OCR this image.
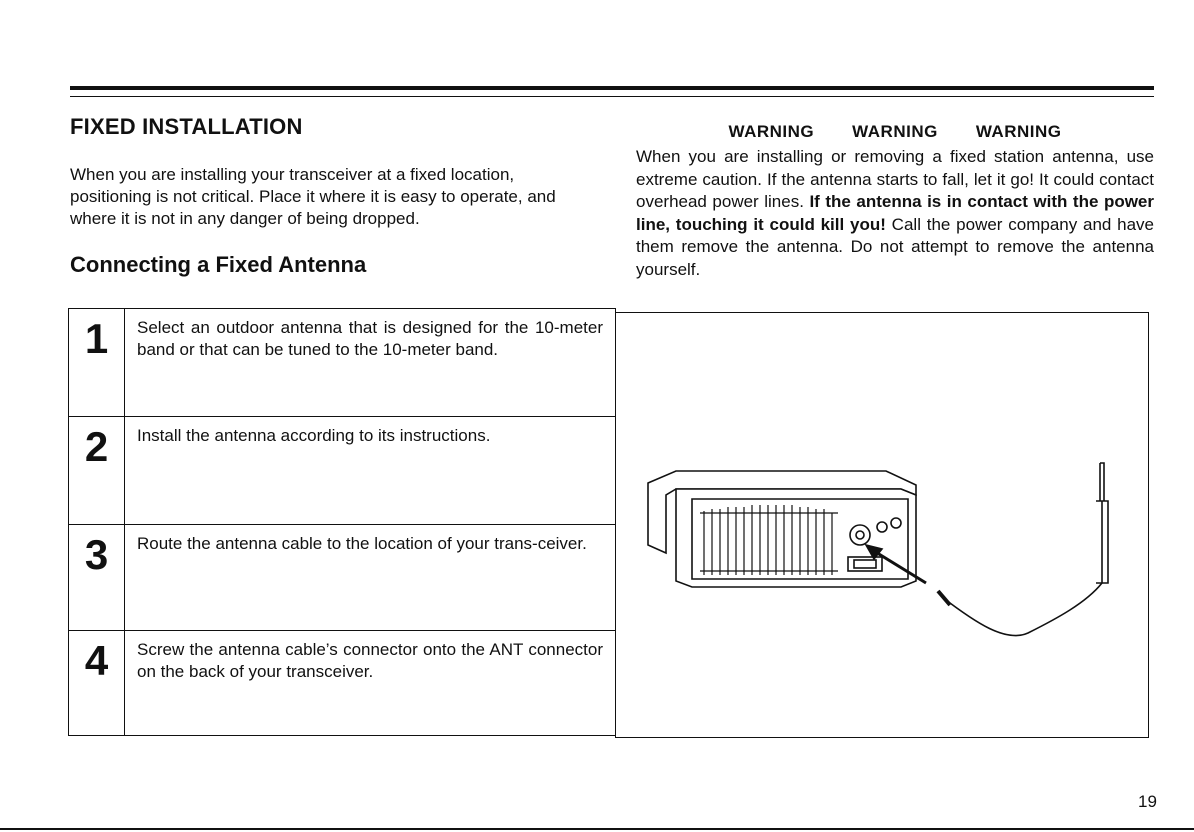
FIXED INSTALLATION

When you are installing your transceiver at a fixed location, positioning is not critical. Place it where it is easy to operate, and where it is not in any danger of being dropped.

Connecting a Fixed Antenna
WARNING WARNING WARNING

When you are installing or removing a fixed station antenna, use extreme caution. If the antenna starts to fall, let it go! It could contact overhead power lines. If the antenna is in contact with the power line, touching it could kill you! Call the power company and have them remove the antenna. Do not attempt to remove the antenna yourself.

1	Select an outdoor antenna that is designed for the 10-meter band or that can be tuned to the 10-meter band.
2	Install the antenna according to its instructions.
3	Route the antenna cable to the location of your trans-ceiver.
4	Screw the antenna cable’s connector onto the ANT connector on the back of your transceiver.
19
